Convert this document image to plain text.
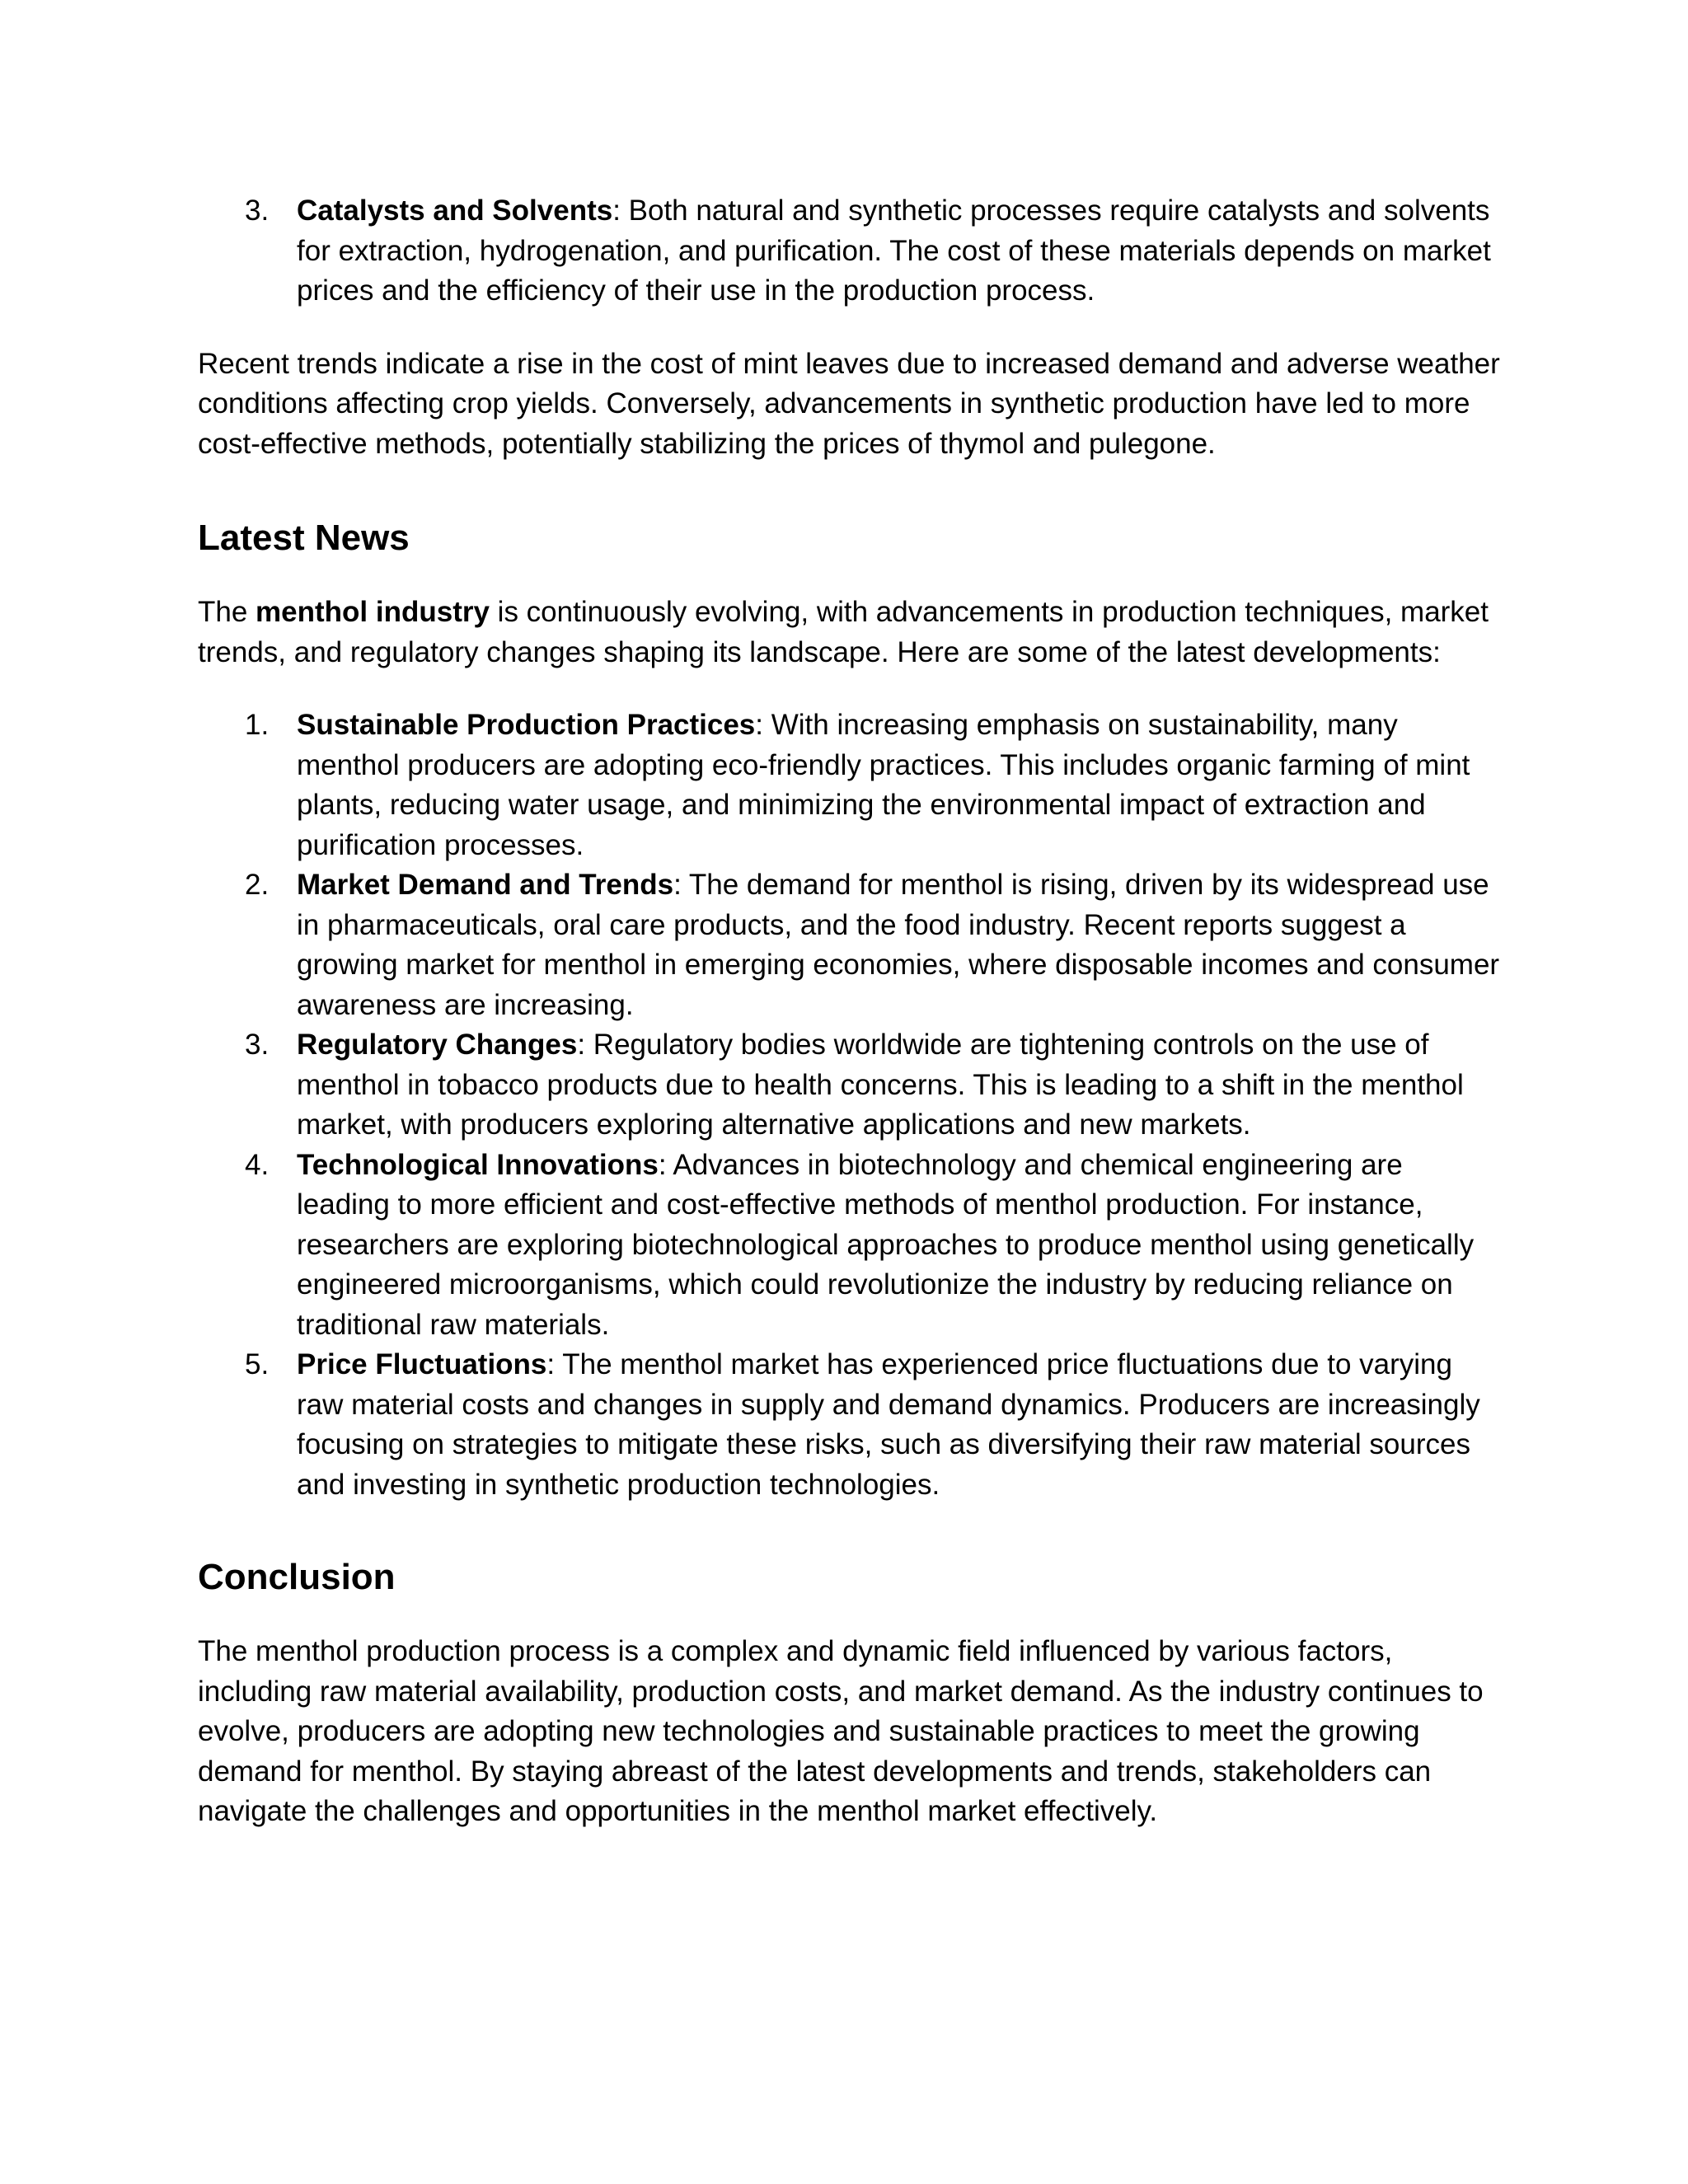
3. Catalysts and Solvents: Both natural and synthetic processes require catalysts and solvents for extraction, hydrogenation, and purification. The cost of these materials depends on market prices and the efficiency of their use in the production process.

Recent trends indicate a rise in the cost of mint leaves due to increased demand and adverse weather conditions affecting crop yields. Conversely, advancements in synthetic production have led to more cost-effective methods, potentially stabilizing the prices of thymol and pulegone.

Latest News

The menthol industry is continuously evolving, with advancements in production techniques, market trends, and regulatory changes shaping its landscape. Here are some of the latest developments:

1. Sustainable Production Practices: With increasing emphasis on sustainability, many menthol producers are adopting eco-friendly practices. This includes organic farming of mint plants, reducing water usage, and minimizing the environmental impact of extraction and purification processes.
2. Market Demand and Trends: The demand for menthol is rising, driven by its widespread use in pharmaceuticals, oral care products, and the food industry. Recent reports suggest a growing market for menthol in emerging economies, where disposable incomes and consumer awareness are increasing.
3. Regulatory Changes: Regulatory bodies worldwide are tightening controls on the use of menthol in tobacco products due to health concerns. This is leading to a shift in the menthol market, with producers exploring alternative applications and new markets.
4. Technological Innovations: Advances in biotechnology and chemical engineering are leading to more efficient and cost-effective methods of menthol production. For instance, researchers are exploring biotechnological approaches to produce menthol using genetically engineered microorganisms, which could revolutionize the industry by reducing reliance on traditional raw materials.
5. Price Fluctuations: The menthol market has experienced price fluctuations due to varying raw material costs and changes in supply and demand dynamics. Producers are increasingly focusing on strategies to mitigate these risks, such as diversifying their raw material sources and investing in synthetic production technologies.
Conclusion

The menthol production process is a complex and dynamic field influenced by various factors, including raw material availability, production costs, and market demand. As the industry continues to evolve, producers are adopting new technologies and sustainable practices to meet the growing demand for menthol. By staying abreast of the latest developments and trends, stakeholders can navigate the challenges and opportunities in the menthol market effectively.
